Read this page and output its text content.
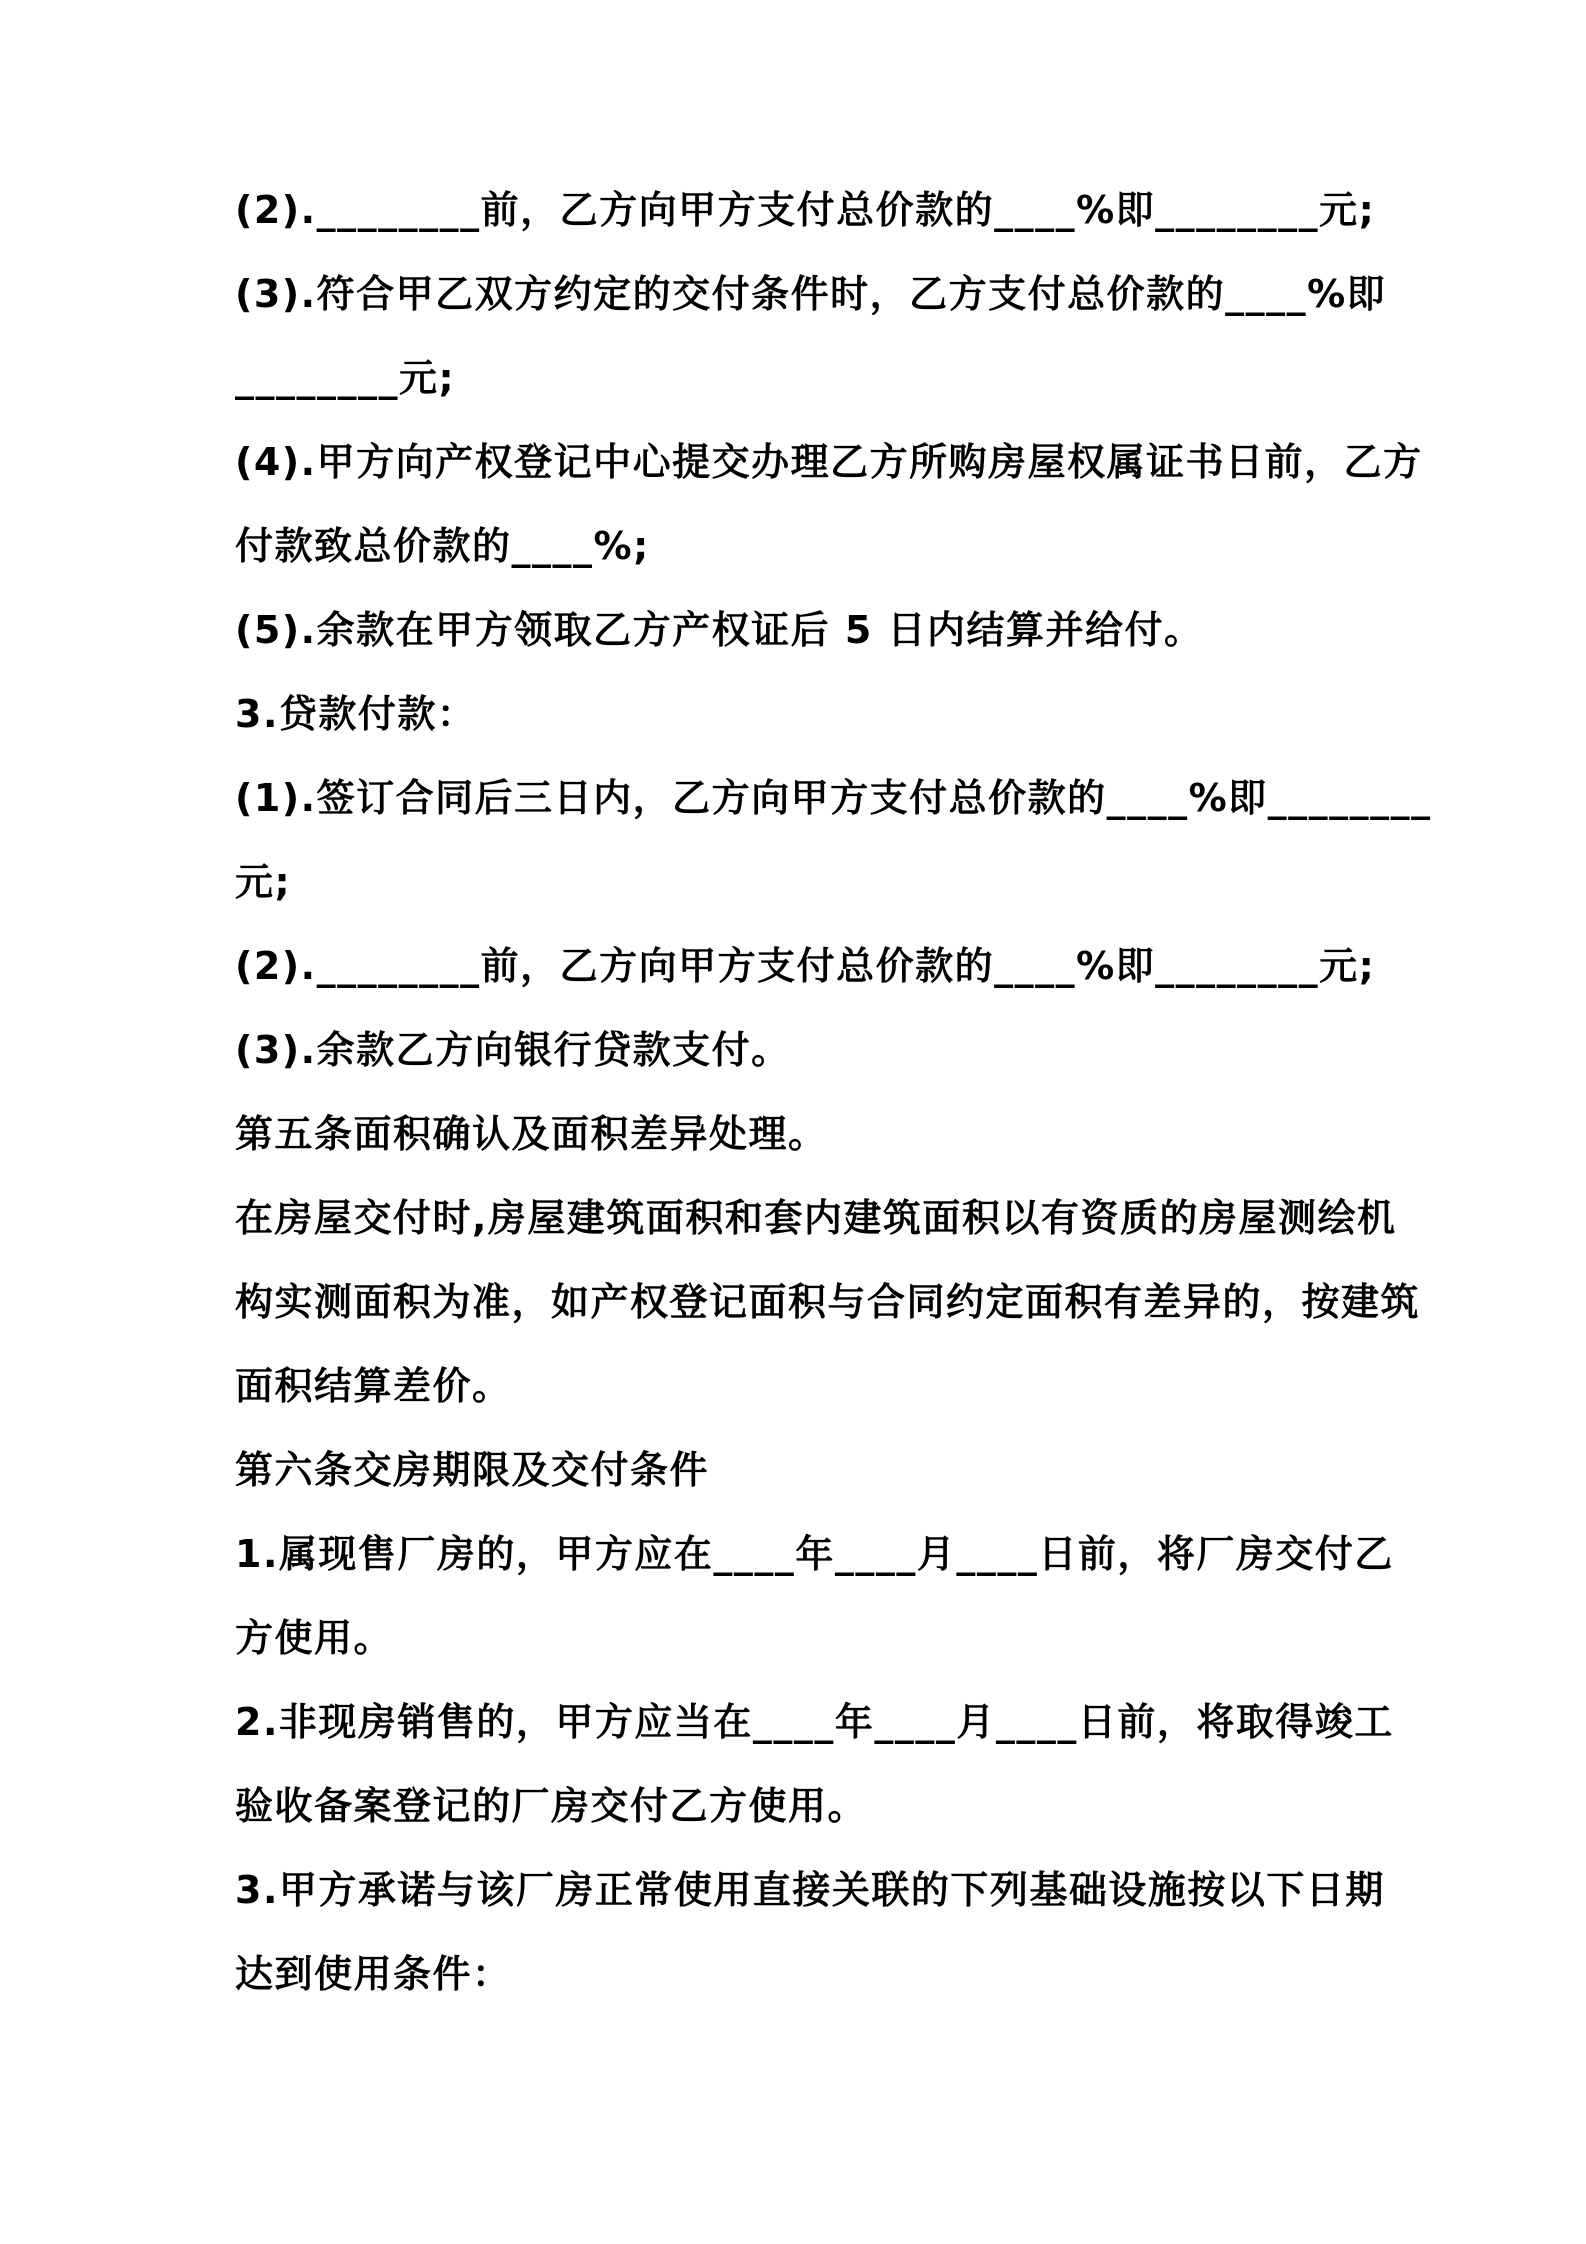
(2).________前，乙方向甲方支付总价款的____%即________元;
(3).符合甲乙双方约定的交付条件时，乙方支付总价款的____%即
________元;
(4).甲方向产权登记中心提交办理乙方所购房屋权属证书日前，乙方
付款致总价款的____%;
(5).余款在甲方领取乙方产权证后 5 日内结算并给付。
3.贷款付款：
(1).签订合同后三日内，乙方向甲方支付总价款的____%即________
元;
(2).________前，乙方向甲方支付总价款的____%即________元;
(3).余款乙方向银行贷款支付。
第五条面积确认及面积差异处理。
在房屋交付时,房屋建筑面积和套内建筑面积以有资质的房屋测绘机
构实测面积为准，如产权登记面积与合同约定面积有差异的，按建筑
面积结算差价。
第六条交房期限及交付条件
1.属现售厂房的，甲方应在____年____月____日前，将厂房交付乙
方使用。
2.非现房销售的，甲方应当在____年____月____日前，将取得竣工
验收备案登记的厂房交付乙方使用。
3.甲方承诺与该厂房正常使用直接关联的下列基础设施按以下日期
达到使用条件：
